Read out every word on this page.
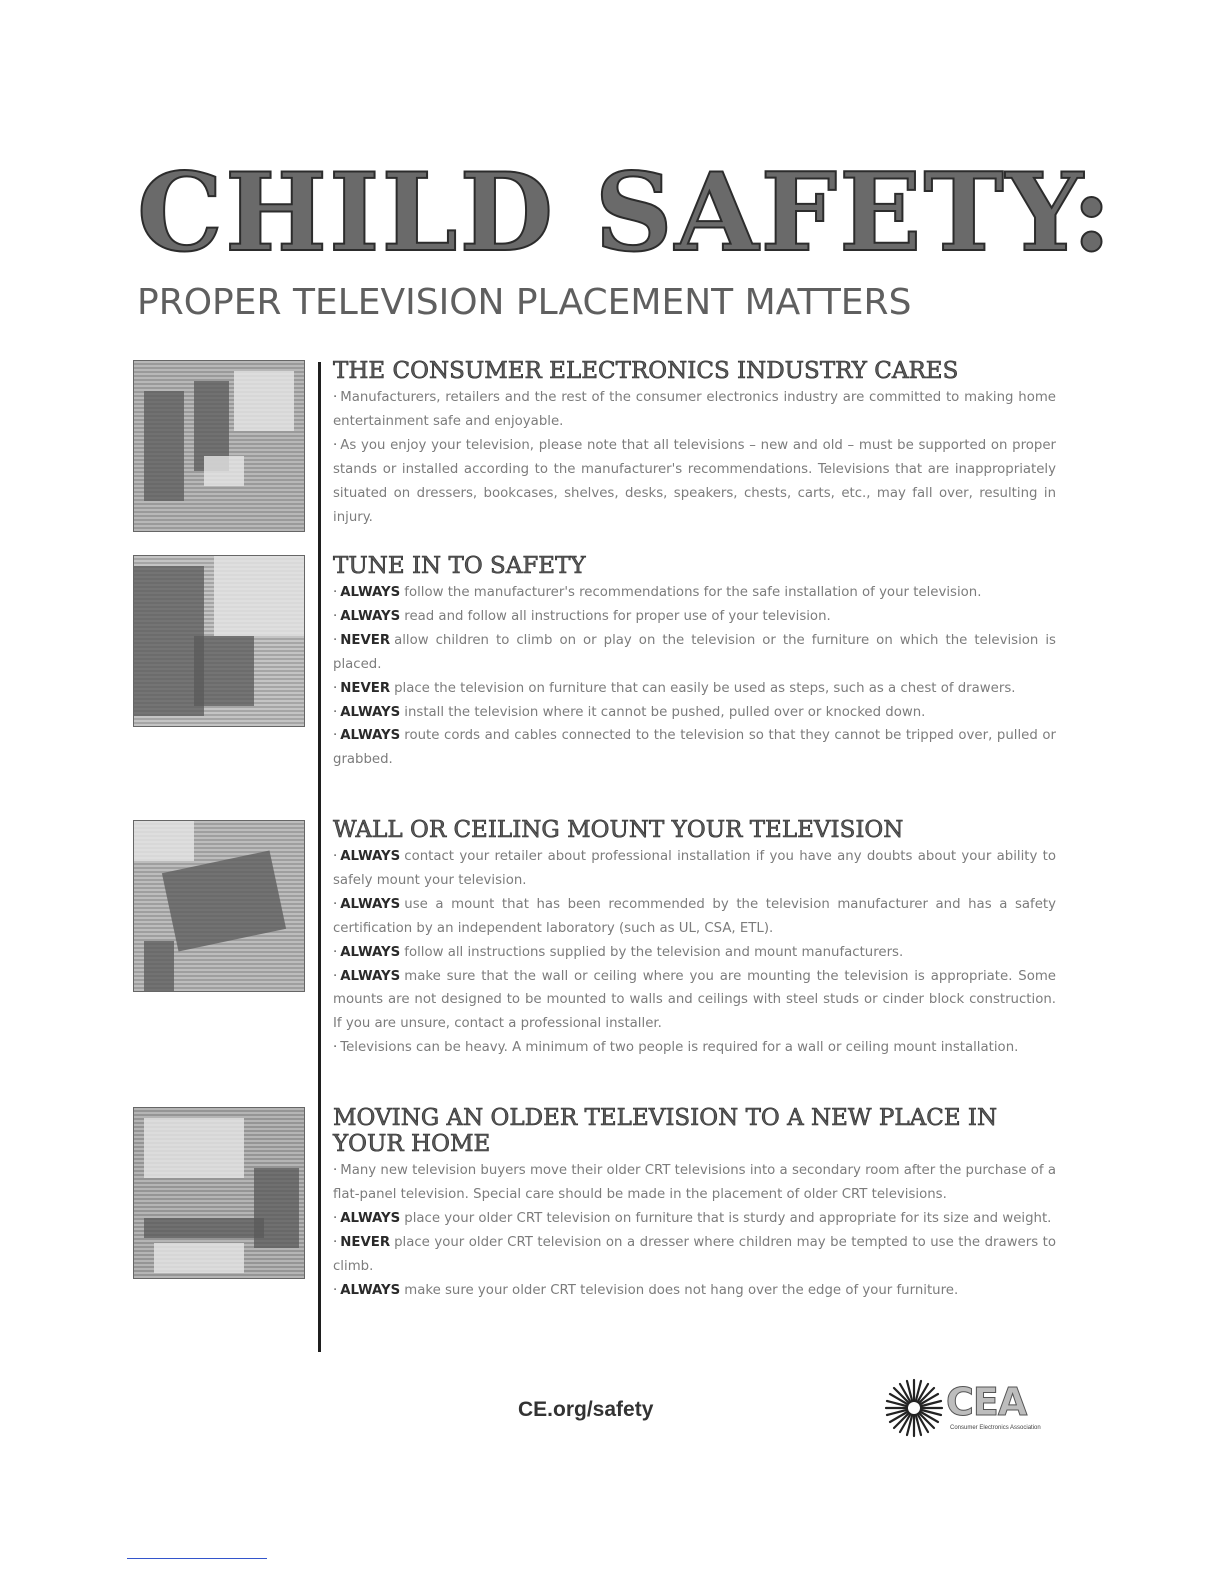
CHILD SAFETY:
PROPER TELEVISION PLACEMENT MATTERS
THE CONSUMER ELECTRONICS INDUSTRY CARES
· Manufacturers, retailers and the rest of the consumer electronics industry are committed to making home entertainment safe and enjoyable.
· As you enjoy your television, please note that all televisions – new and old – must be supported on proper stands or installed according to the manufacturer's recommendations. Televisions that are inappropriately situated on dressers, bookcases, shelves, desks, speakers, chests, carts, etc., may fall over, resulting in injury.
TUNE IN TO SAFETY
· ALWAYS follow the manufacturer's recommendations for the safe installation of your television.
· ALWAYS read and follow all instructions for proper use of your television.
· NEVER allow children to climb on or play on the television or the furniture on which the television is placed.
· NEVER place the television on furniture that can easily be used as steps, such as a chest of drawers.
· ALWAYS install the television where it cannot be pushed, pulled over or knocked down.
· ALWAYS route cords and cables connected to the television so that they cannot be tripped over, pulled or grabbed.
WALL OR CEILING MOUNT YOUR TELEVISION
· ALWAYS contact your retailer about professional installation if you have any doubts about your ability to safely mount your television.
· ALWAYS use a mount that has been recommended by the television manufacturer and has a safety certification by an independent laboratory (such as UL, CSA, ETL).
· ALWAYS follow all instructions supplied by the television and mount manufacturers.
· ALWAYS make sure that the wall or ceiling where you are mounting the television is appropriate. Some mounts are not designed to be mounted to walls and ceilings with steel studs or cinder block construction. If you are unsure, contact a professional installer.
· Televisions can be heavy. A minimum of two people is required for a wall or ceiling mount installation.
MOVING AN OLDER TELEVISION TO A NEW PLACE IN YOUR HOME
· Many new television buyers move their older CRT televisions into a secondary room after the purchase of a flat-panel television. Special care should be made in the placement of older CRT televisions.
· ALWAYS place your older CRT television on furniture that is sturdy and appropriate for its size and weight.
· NEVER place your older CRT television on a dresser where children may be tempted to use the drawers to climb.
· ALWAYS make sure your older CRT television does not hang over the edge of your furniture.

CE.org/safety	CEA
Consumer Electronics Association
